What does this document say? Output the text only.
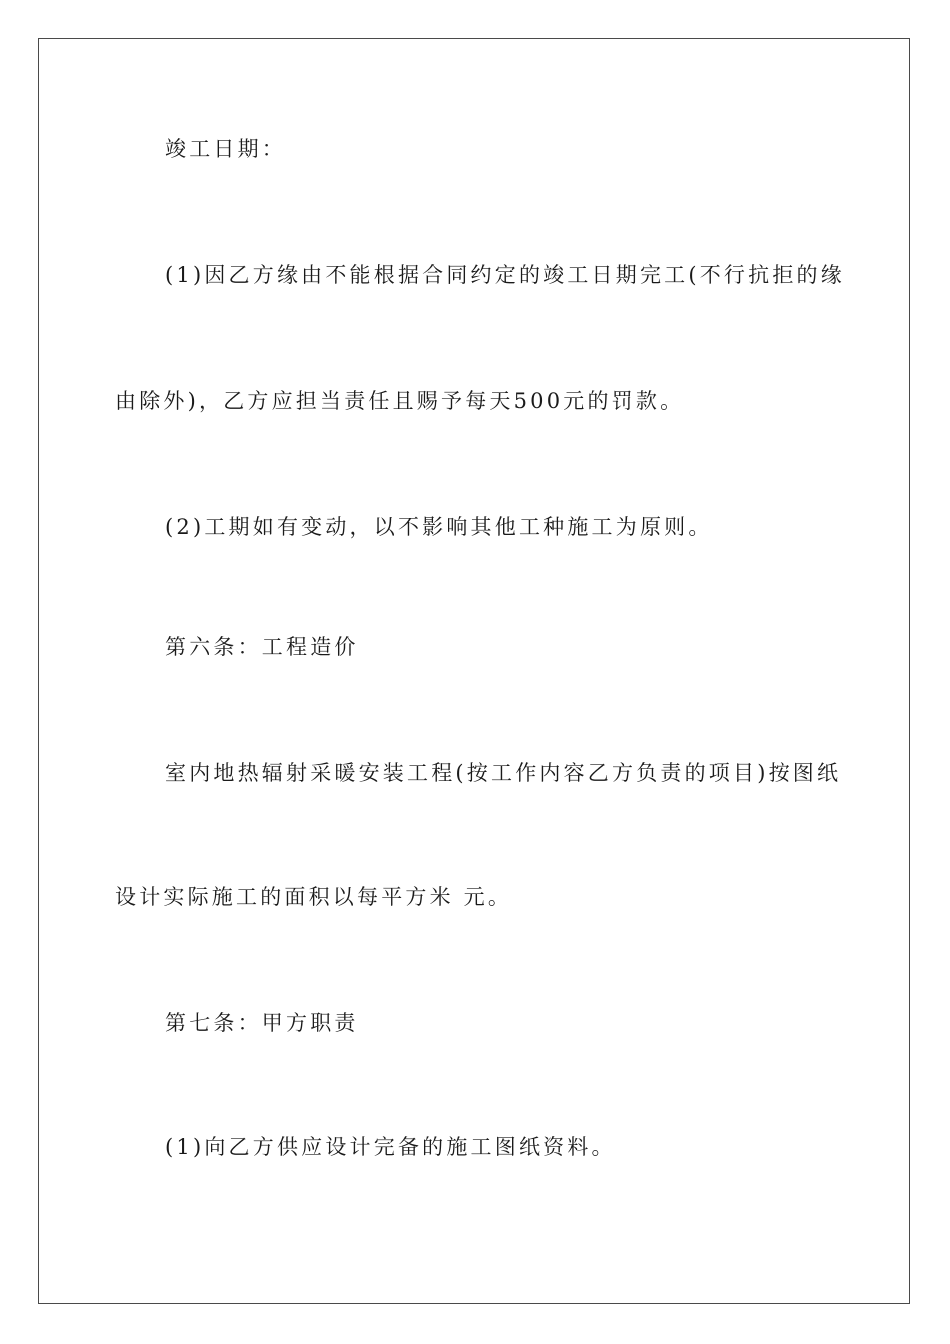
竣工日期：
(1)因乙方缘由不能根据合同约定的竣工日期完工(不行抗拒的缘
由除外)，乙方应担当责任且赐予每天500元的罚款。
(2)工期如有变动，以不影响其他工种施工为原则。
第六条：工程造价
室内地热辐射采暖安装工程(按工作内容乙方负责的项目)按图纸
设计实际施工的面积以每平方米 元。
第七条：甲方职责
(1)向乙方供应设计完备的施工图纸资料。
